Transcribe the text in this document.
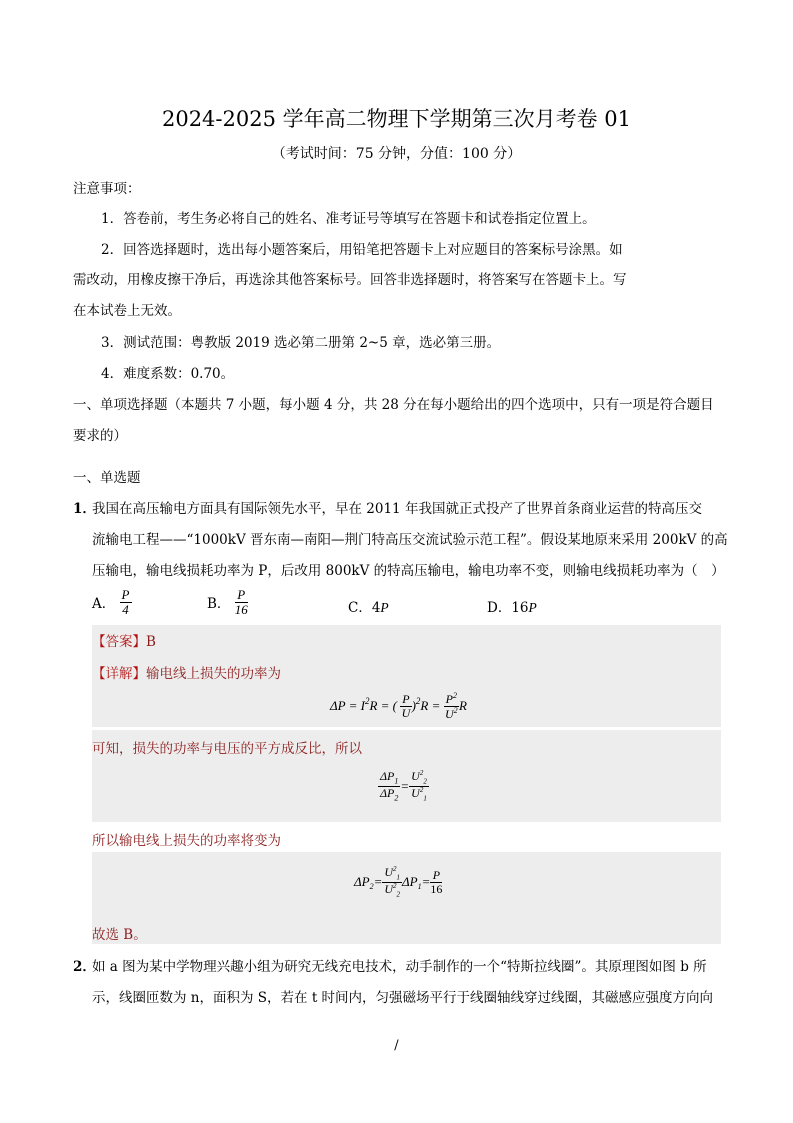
2024-2025 学年高二物理下学期第三次月考卷 01
（考试时间：75 分钟，分值：100 分）
注意事项：
1．答卷前，考生务必将自己的姓名、准考证号等填写在答题卡和试卷指定位置上。
2．回答选择题时，选出每小题答案后，用铅笔把答题卡上对应题目的答案标号涂黑。如
需改动，用橡皮擦干净后，再选涂其他答案标号。回答非选择题时，将答案写在答题卡上。写
在本试卷上无效。
3．测试范围：粤教版 2019 选必第二册第 2~5 章，选必第三册。
4．难度系数：0.70。
一、单项选择题（本题共 7 小题，每小题 4 分，共 28 分在每小题给出的四个选项中，只有一项是符合题目
要求的）
一、单选题
1．
我国在高压输电方面具有国际领先水平，早在 2011 年我国就正式投产了世界首条商业运营的特高压交
流输电工程——“1000kV 晋东南—南阳—荆门特高压交流试验示范工程”。假设某地原来采用 200kV 的高
压输电，输电线损耗功率为 P，后改用 800kV 的特高压输电，输电功率不变，则输电线损耗功率为（　）
A． $\frac{P}{4}$	B． $\frac{P}{16}$	C．4P	D．16P
【答案】B
【详解】输电线上损失的功率为
$\Delta P = I^2R$ = ( $\frac{P}{U} )^2R = \frac{P^2}{U^2}$ R
可知，损失的功率与电压的平方成反比，所以
$\frac{\Delta P_1}{\Delta P_2} = \frac{U^2_2}{U^2_1}$
所以输电线上损失的功率将变为
$\Delta P_2= \frac{U^2_1}{U^2_2} \Delta P_1= \frac{P}{16}$
故选 B。
2．
如 a 图为某中学物理兴趣小组为研究无线充电技术，动手制作的一个“特斯拉线圈”。其原理图如图 b 所
示，线圈匝数为 n，面积为 S，若在 t 时间内，匀强磁场平行于线圈轴线穿过线圈，其磁感应强度方向向
/
